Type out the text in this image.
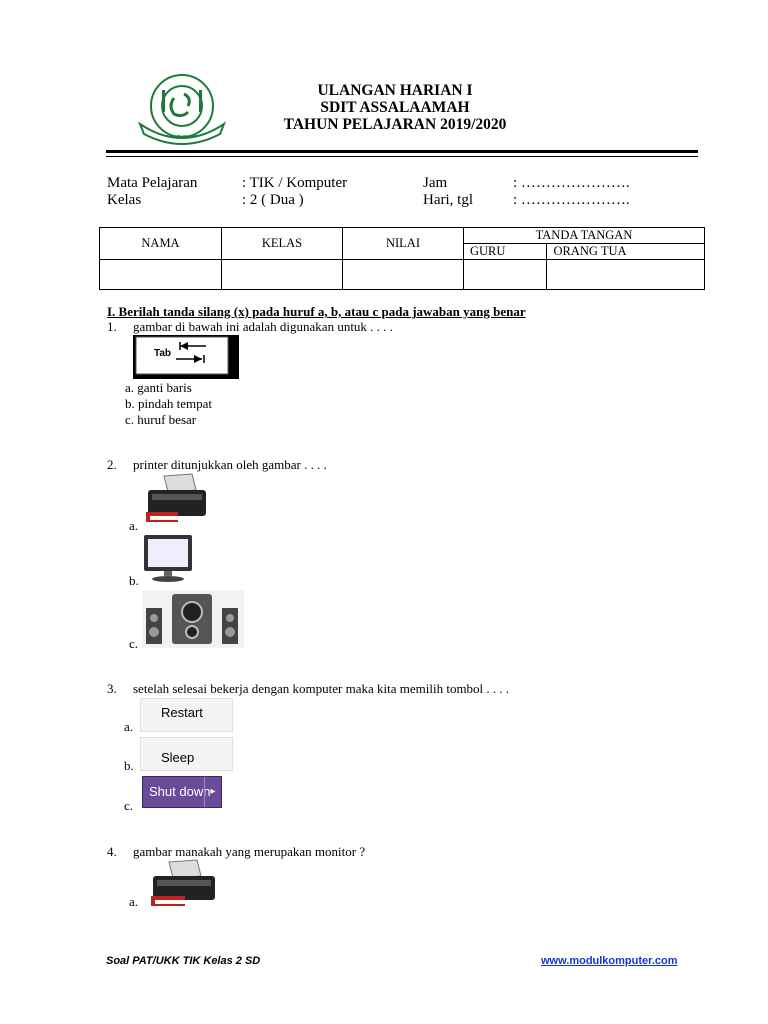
~~~~~~
ULANGAN HARIAN I
SDIT ASSALAAMAH
TAHUN PELAJARAN 2019/2020
Mata Pelajaran	: TIK / Komputer
Kelas	: 2 ( Dua )
Jam	: ………………….
Hari, tgl	: ………………….
NAMA	KELAS	NILAI	TANDA TANGAN	
			GURU	ORANG TUA

I. Berilah tanda silang (x) pada huruf a, b, atau c pada jawaban yang benar
1. gambar di bawah ini adalah digunakan untuk . . . .
Tab
a. ganti baris
b. pindah tempat
c. huruf besar
2. printer ditunjukkan oleh gambar . . . .
a.
b.
c.
3. setelah selesai bekerja dengan komputer maka kita memilih tombol . . . .
Restart
a.
Sleep
b.
Shut down ▸
c.
4. gambar manakah yang merupakan monitor ?
a.
Soal PAT/UKK TIK Kelas 2 SD	www.modulkomputer.com
